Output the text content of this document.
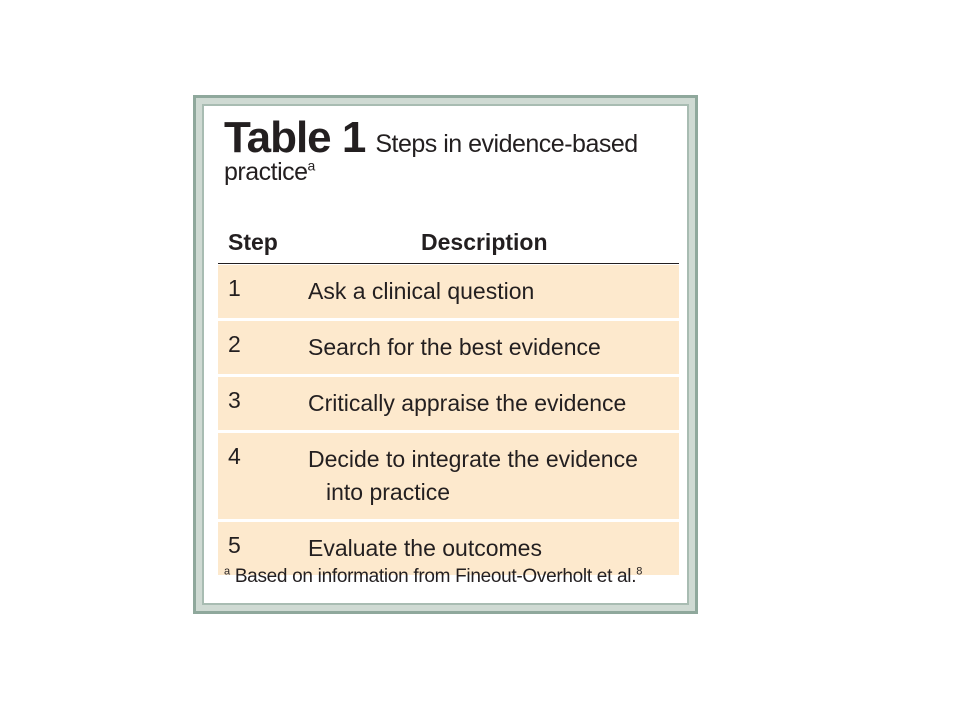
Table 1 Steps in evidence-based
practice$^a$
Step	Description
1	Ask a clinical question
2	Search for the best evidence
3	Critically appraise the evidence
4	Decide to integrate the evidence
into practice
5	Evaluate the outcomes
$^a$ Based on information from Fineout-Overholt et al.$^8$
